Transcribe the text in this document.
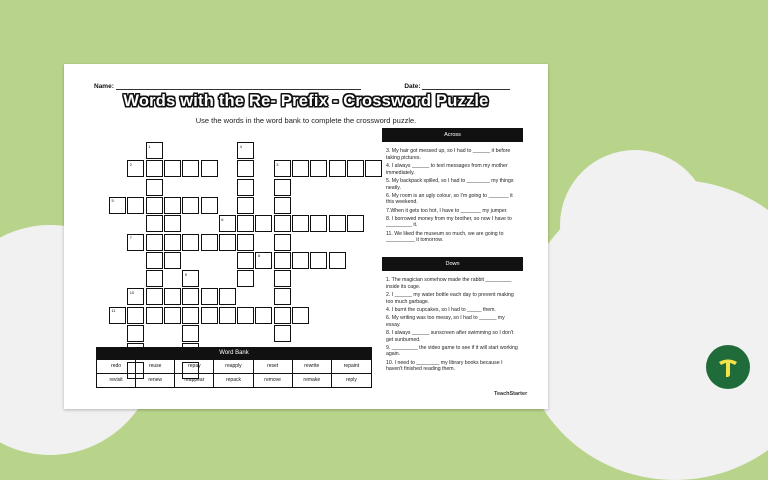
Name:	Date:
Words with the Re- Prefix - Crossword Puzzle
Use the words in the word bank to complete the crossword puzzle.
1	4
2	3
5
6
7
8
9
10
11
Across
3. My hair got messed up, so I had to ______ it before taking pictures.
4. I always ______ to text messages from my mother immediately.
5. My backpack spilled, so I had to ________ my things neatly.
6. My room is an ugly colour, so I'm going to _______ it this weekend.
7.When it gets too hot, I have to _______ my jumper.
8. I borrowed money from my brother, so now I have to _________ it.
11. We liked the museum so much, we are going to __________ it tomorrow.
Down
1. The magician somehow made the rabbit _________ inside its cage.
2. I ______ my water bottle each day to prevent making too much garbage.
4. I burnt the cupcakes, so I had to _____ them.
6. My writing was too messy, so I had to ______ my essay.
8. I always ______ sunscreen after swimming so I don't get sunburned.
9. _________ the video game to see if it will start working again.
10. I need to ________ my library books because I haven't finished reading them.
Word Bank
redo	reuse	repay	reapply	reset	rewrite	repaint
revisit	renew	reappear	repack	remove	remake	reply
TeachStarter
